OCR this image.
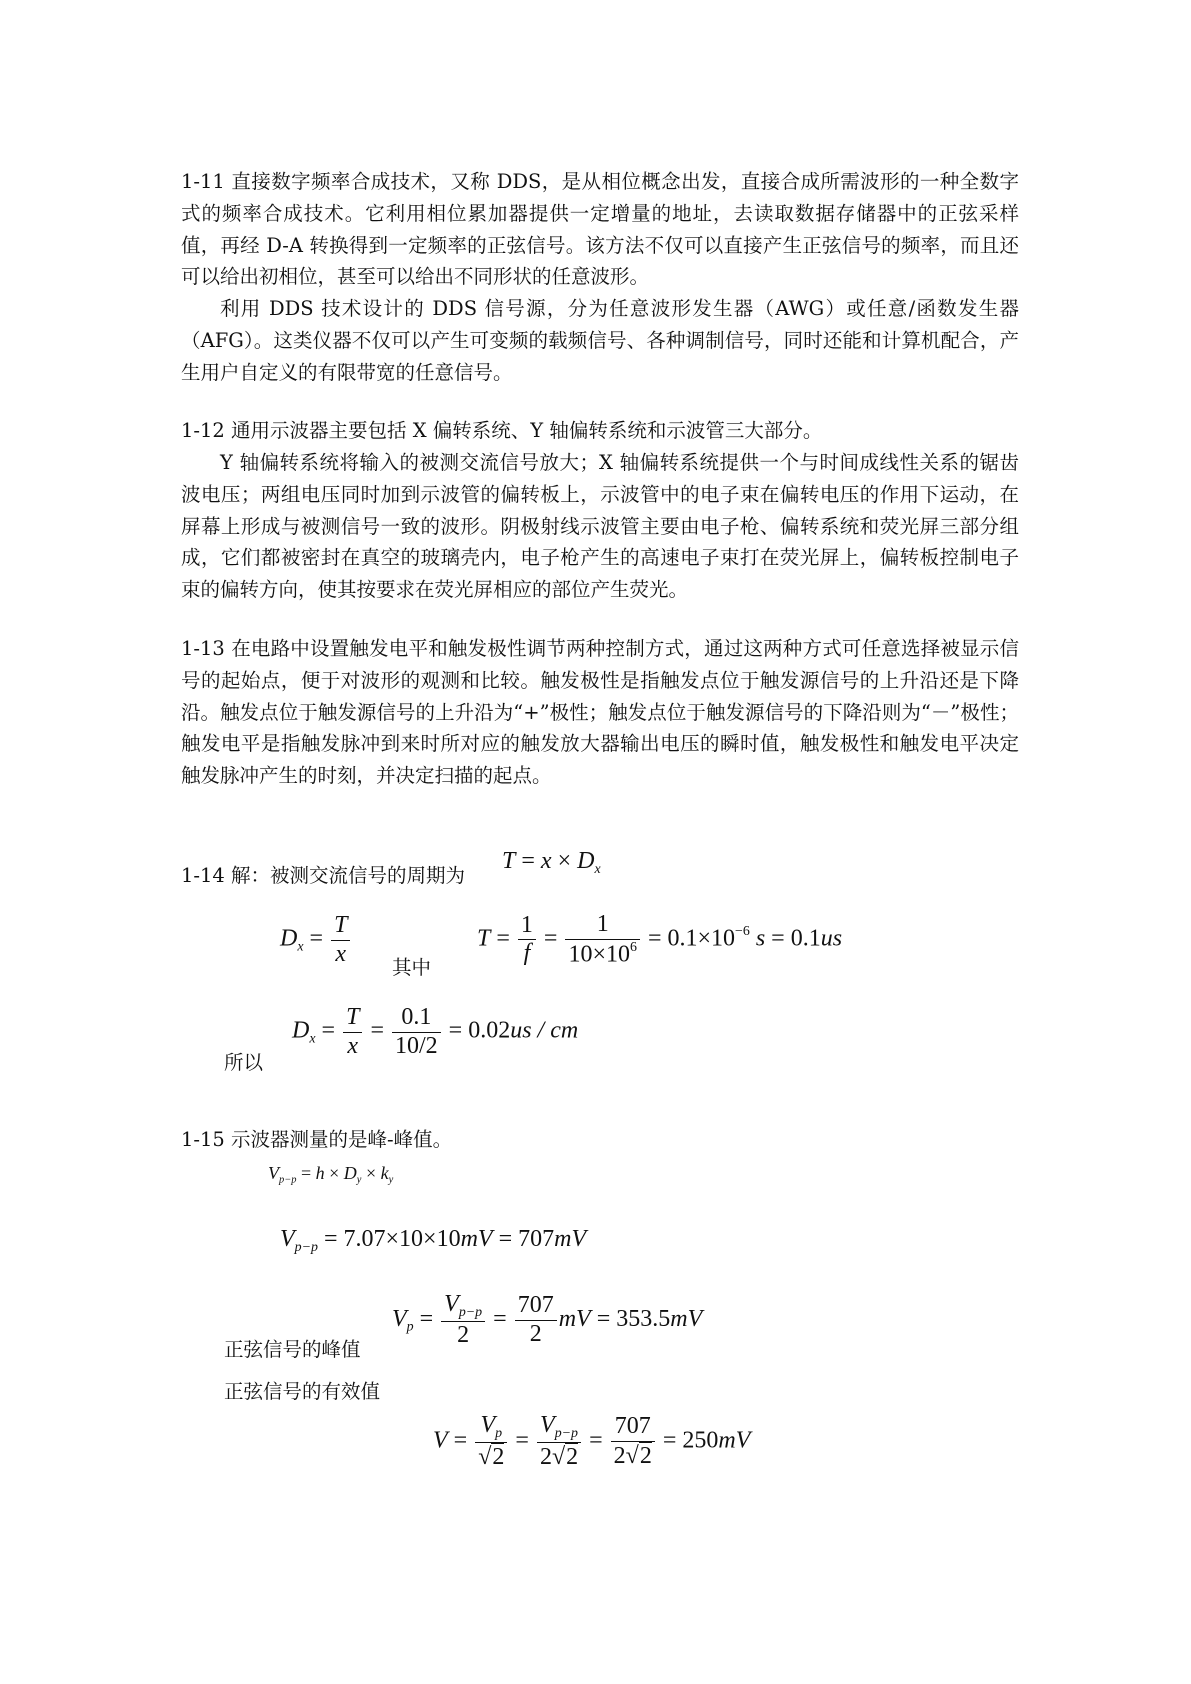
1-11 直接数字频率合成技术，又称 DDS，是从相位概念出发，直接合成所需波形的一种全数字式的频率合成技术。它利用相位累加器提供一定增量的地址，去读取数据存储器中的正弦采样值，再经 D-A 转换得到一定频率的正弦信号。该方法不仅可以直接产生正弦信号的频率，而且还可以给出初相位，甚至可以给出不同形状的任意波形。

利用 DDS 技术设计的 DDS 信号源，分为任意波形发生器（AWG）或任意/函数发生器（AFG）。这类仪器不仅可以产生可变频的载频信号、各种调制信号，同时还能和计算机配合，产生用户自定义的有限带宽的任意信号。

1-12 通用示波器主要包括 X 偏转系统、Y 轴偏转系统和示波管三大部分。

Y 轴偏转系统将输入的被测交流信号放大；X 轴偏转系统提供一个与时间成线性关系的锯齿波电压；两组电压同时加到示波管的偏转板上，示波管中的电子束在偏转电压的作用下运动，在屏幕上形成与被测信号一致的波形。阴极射线示波管主要由电子枪、偏转系统和荧光屏三部分组成，它们都被密封在真空的玻璃壳内，电子枪产生的高速电子束打在荧光屏上，偏转板控制电子束的偏转方向，使其按要求在荧光屏相应的部位产生荧光。

1-13 在电路中设置触发电平和触发极性调节两种控制方式，通过这两种方式可任意选择被显示信号的起始点，便于对波形的观测和比较。触发极性是指触发点位于触发源信号的上升沿还是下降沿。触发点位于触发源信号的上升沿为“+”极性；触发点位于触发源信号的下降沿则为“－”极性；触发电平是指触发脉冲到来时所对应的触发放大器输出电压的瞬时值，触发极性和触发电平决定触发脉冲产生的时刻，并决定扫描的起点。

1-14 解：被测交流信号的周期为
$T = x \times D_x$
$D_x = \frac{T}{x}$ 其中
$T = \frac{1}{f} = \frac{1}{10\times 10^6} = 0.1\times 10^{-6}$ s = 0.1us
所以
$D_x = \frac{T}{x} = \frac{0.1}{10/2} = 0.02us$ / cm
1-15 示波器测量的是峰-峰值。
$V_{p-p} = h \times D_y \times k_y$
$V_{p-p} = 7.07\times 10\times 10mV = 707mV$
正弦信号的峰值
$V_p = \frac{V_{p-p}}{2} = \frac{707}{2}$ mV = 353.5mV
正弦信号的有效值
$V = \frac{V_p}{√2} = \frac{V_{p-p}}{2√2} = \frac{707}{2√2} = 250mV$
